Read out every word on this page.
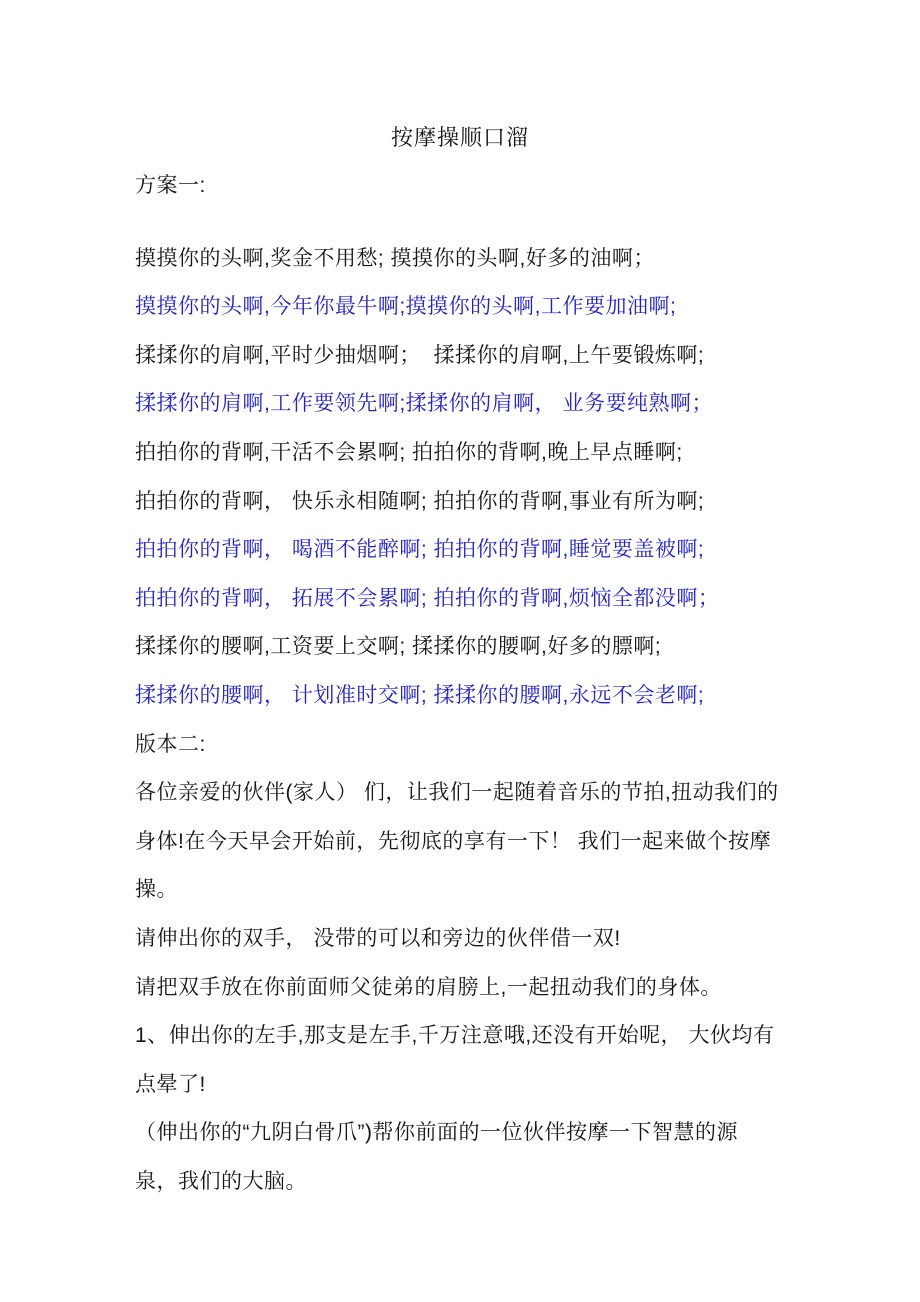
按摩操顺口溜

方案一:

摸摸你的头啊,奖金不用愁; 摸摸你的头啊,好多的油啊；

摸摸你的头啊,今年你最牛啊;摸摸你的头啊,工作要加油啊;

揉揉你的肩啊,平时少抽烟啊；  揉揉你的肩啊,上午要锻炼啊;

揉揉你的肩啊,工作要领先啊;揉揉你的肩啊， 业务要纯熟啊；

拍拍你的背啊,干活不会累啊; 拍拍你的背啊,晚上早点睡啊;

拍拍你的背啊， 快乐永相随啊; 拍拍你的背啊,事业有所为啊;

拍拍你的背啊， 喝酒不能醉啊; 拍拍你的背啊,睡觉要盖被啊;

拍拍你的背啊， 拓展不会累啊; 拍拍你的背啊,烦恼全都没啊；

揉揉你的腰啊,工资要上交啊; 揉揉你的腰啊,好多的膘啊;

揉揉你的腰啊， 计划准时交啊; 揉揉你的腰啊,永远不会老啊;

版本二:

各位亲爱的伙伴(家人） 们，让我们一起随着音乐的节拍,扭动我们的

身体!在今天早会开始前，先彻底的享有一下！ 我们一起来做个按摩

操。

请伸出你的双手， 没带的可以和旁边的伙伴借一双!

请把双手放在你前面师父徒弟的肩膀上,一起扭动我们的身体。

1、伸出你的左手,那支是左手,千万注意哦,还没有开始呢， 大伙均有

点晕了!

（伸出你的“九阴白骨爪”)帮你前面的一位伙伴按摩一下智慧的源

泉，我们的大脑。
